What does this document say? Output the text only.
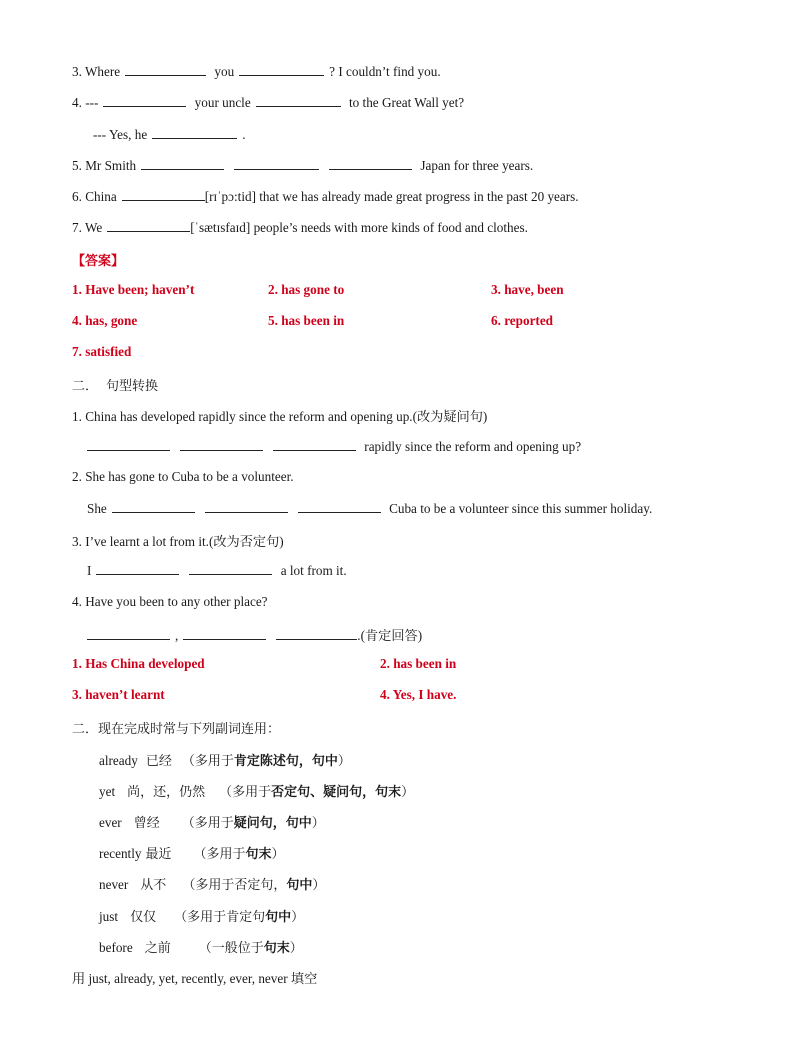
3. Where	you	? I couldn’t find you.
4. ---	your uncle	to the Great Wall yet?
--- Yes, he	.
5. Mr Smith	Japan for three years.
6. China	[rɪˈpɔ:tid] that we has already made great progress in the past 20 years.
7. We	[ˈsætɪsfaɪd] people’s needs with more kinds of food and clothes.
【答案】
1. Have been; haven’t	2. has gone to	3. have, been
4. has, gone	5. has been in	6. reported
7. satisfied
二． 句型转换
1. China has developed rapidly since the reform and opening up.(改为疑问句)
rapidly since the reform and opening up?
2. She has gone to Cuba to be a volunteer.
She	Cuba to be a volunteer since this summer holiday.
3. I’ve learnt a lot from it.(改为否定句)
I	a lot from it.
4. Have you been to any other place?
,	.(肯定回答)
1. Has China developed	2. has been in
3. haven’t learnt	4. Yes, I have.
二．现在完成时常与下列副词连用：
already 已经 （多用于肯定陈述句，句中）
yet 尚，还，仍然 （多用于否定句、疑问句，句末）
ever 曾经 （多用于疑问句，句中）
recently 最近 （多用于句末）
never 从不 （多用于否定句，句中）
just 仅仅 （多用于肯定句句中）
before 之前 （一般位于句末）
用 just, already, yet, recently, ever, never 填空
